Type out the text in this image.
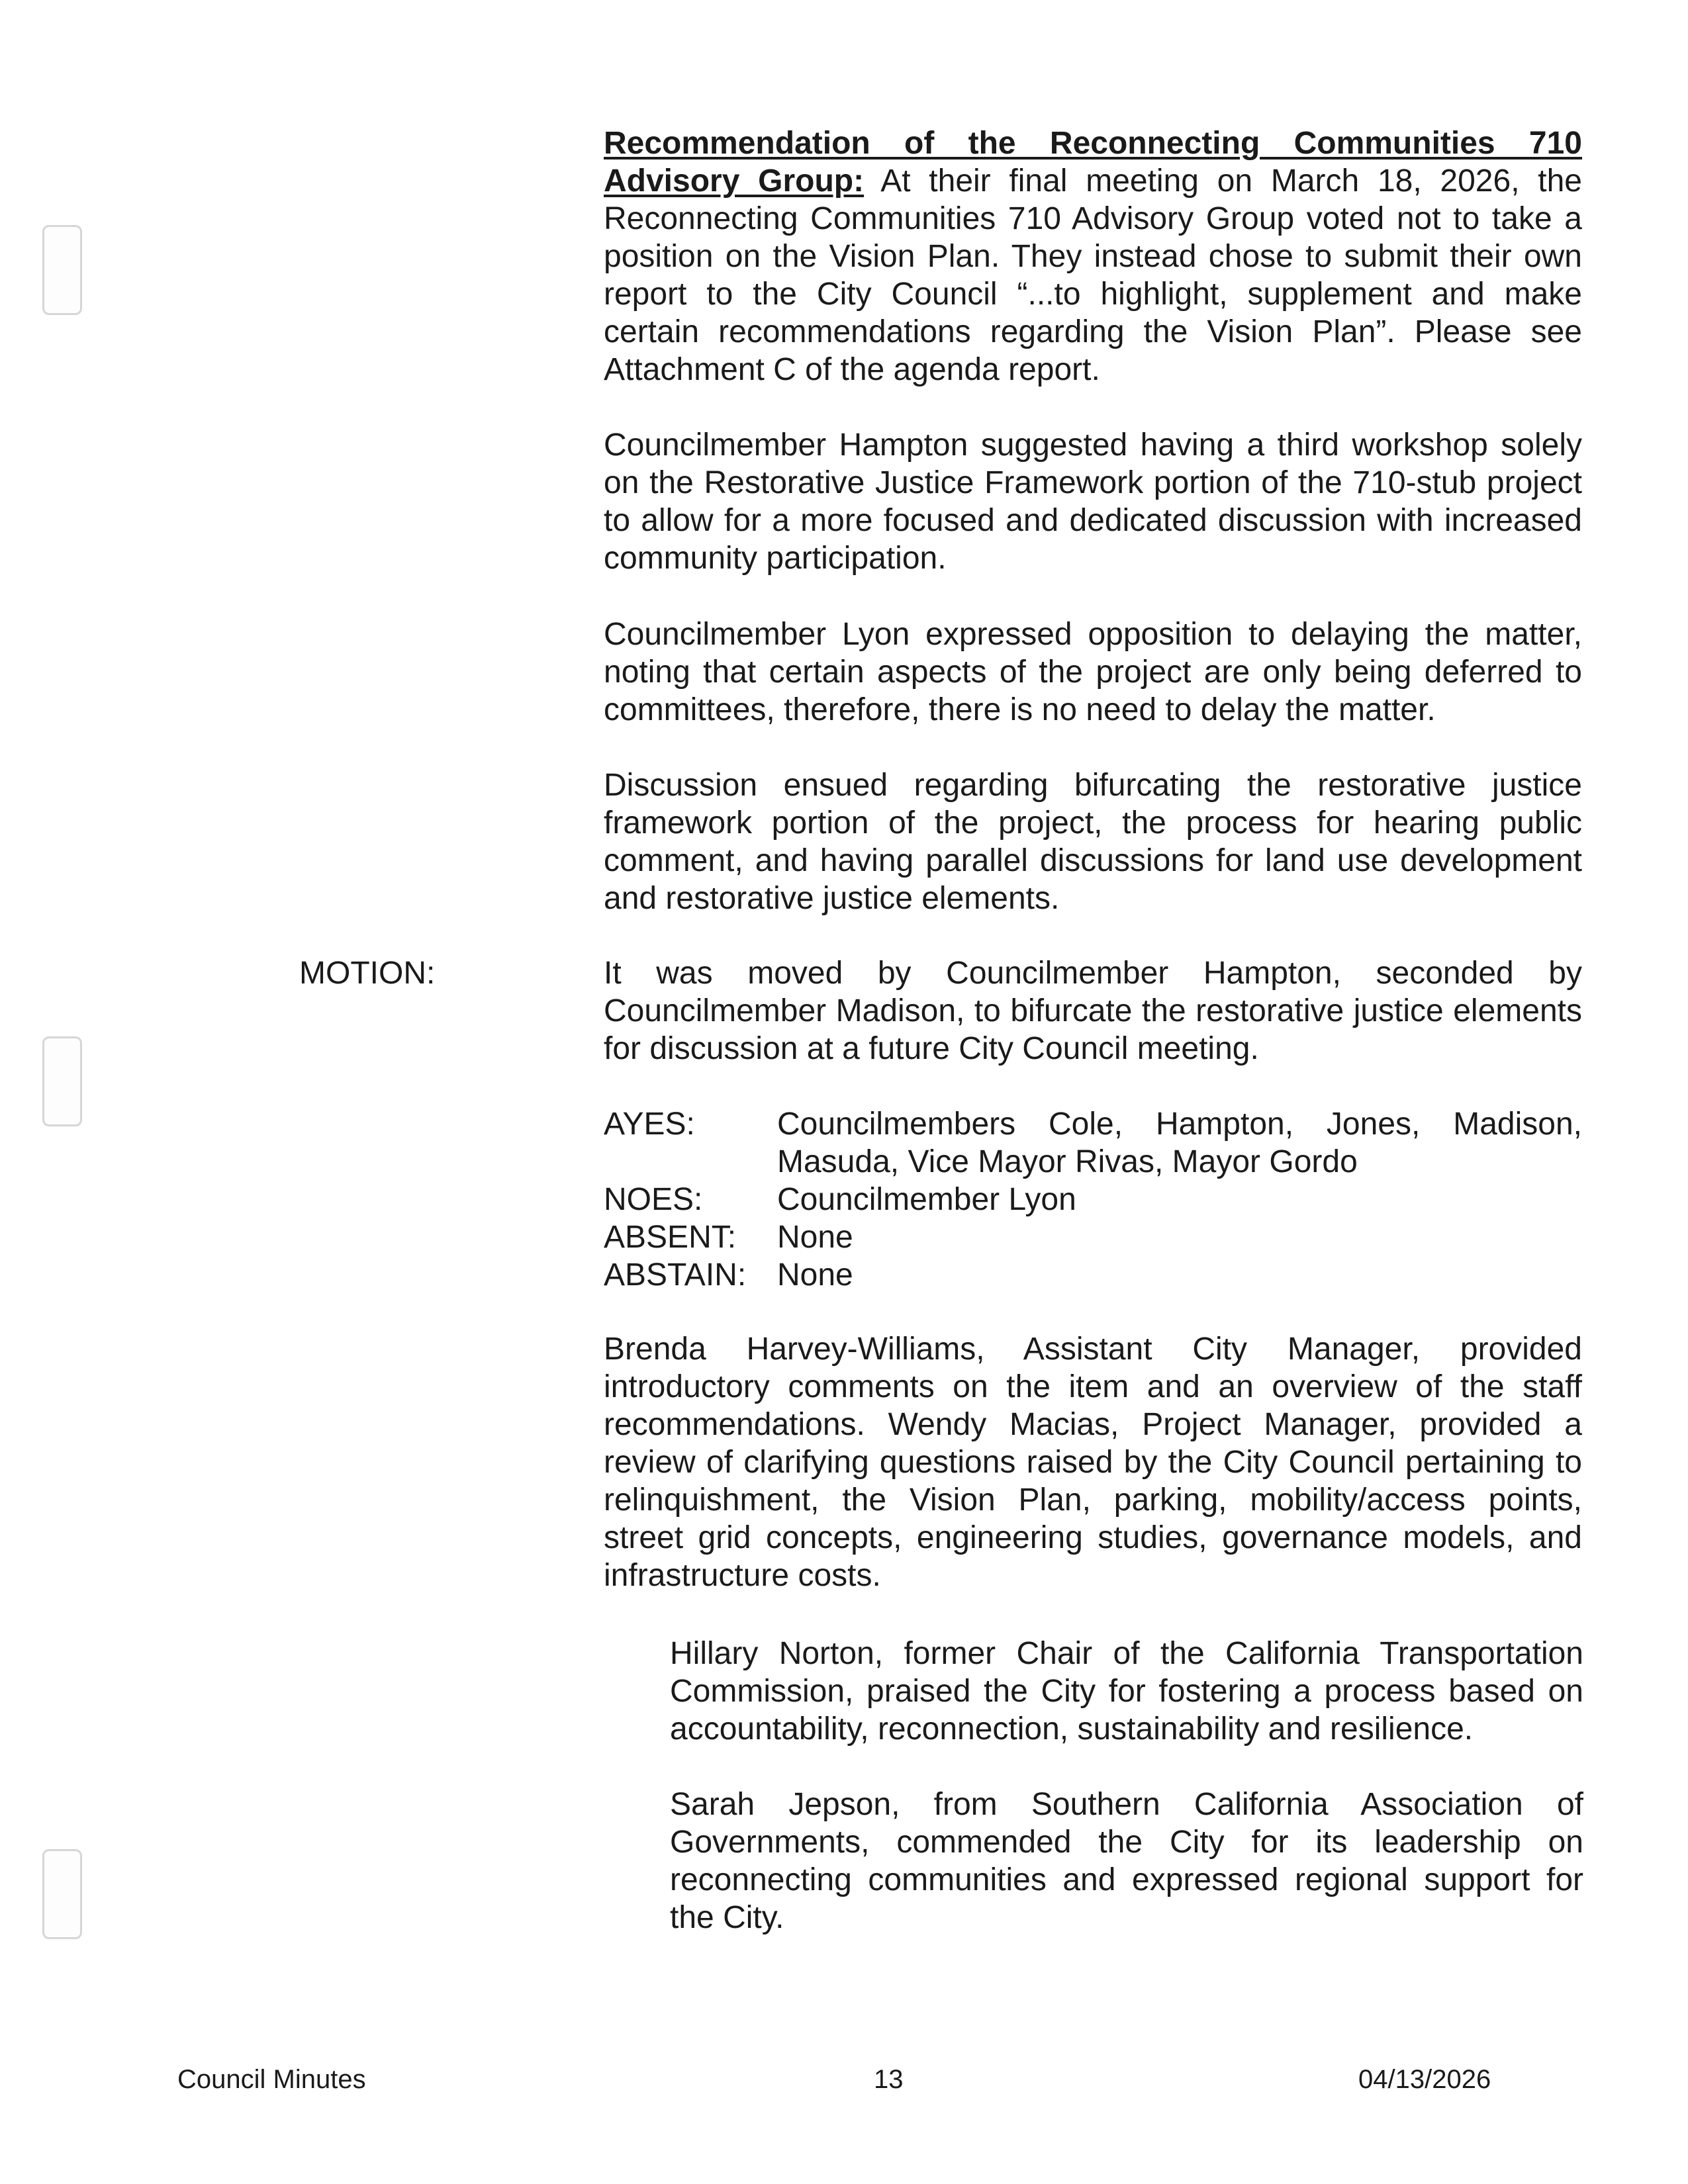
Recommendation of the Reconnecting Communities 710 Advisory Group: At their final meeting on March 18, 2026, the Reconnecting Communities 710 Advisory Group voted not to take a position on the Vision Plan. They instead chose to submit their own report to the City Council “...to highlight, supplement and make certain recommendations regarding the Vision Plan”. Please see Attachment C of the agenda report.

Councilmember Hampton suggested having a third workshop solely on the Restorative Justice Framework portion of the 710-stub project to allow for a more focused and dedicated discussion with increased community participation.

Councilmember Lyon expressed opposition to delaying the matter, noting that certain aspects of the project are only being deferred to committees, therefore, there is no need to delay the matter.

Discussion ensued regarding bifurcating the restorative justice framework portion of the project, the process for hearing public comment, and having parallel discussions for land use development and restorative justice elements.

MOTION:	It was moved by Councilmember Hampton, seconded by Councilmember Madison, to bifurcate the restorative justice elements for discussion at a future City Council meeting.

AYES:	Councilmembers Cole, Hampton, Jones, Madison, Masuda, Vice Mayor Rivas, Mayor Gordo
NOES:	Councilmember Lyon
ABSENT:	None
ABSTAIN: None

Brenda Harvey-Williams, Assistant City Manager, provided introductory comments on the item and an overview of the staff recommendations. Wendy Macias, Project Manager, provided a review of clarifying questions raised by the City Council pertaining to relinquishment, the Vision Plan, parking, mobility/access points, street grid concepts, engineering studies, governance models, and infrastructure costs.

Hillary Norton, former Chair of the California Transportation Commission, praised the City for fostering a process based on accountability, reconnection, sustainability and resilience.

Sarah Jepson, from Southern California Association of Governments, commended the City for its leadership on reconnecting communities and expressed regional support for the City.

Council Minutes	13	04/13/2026
